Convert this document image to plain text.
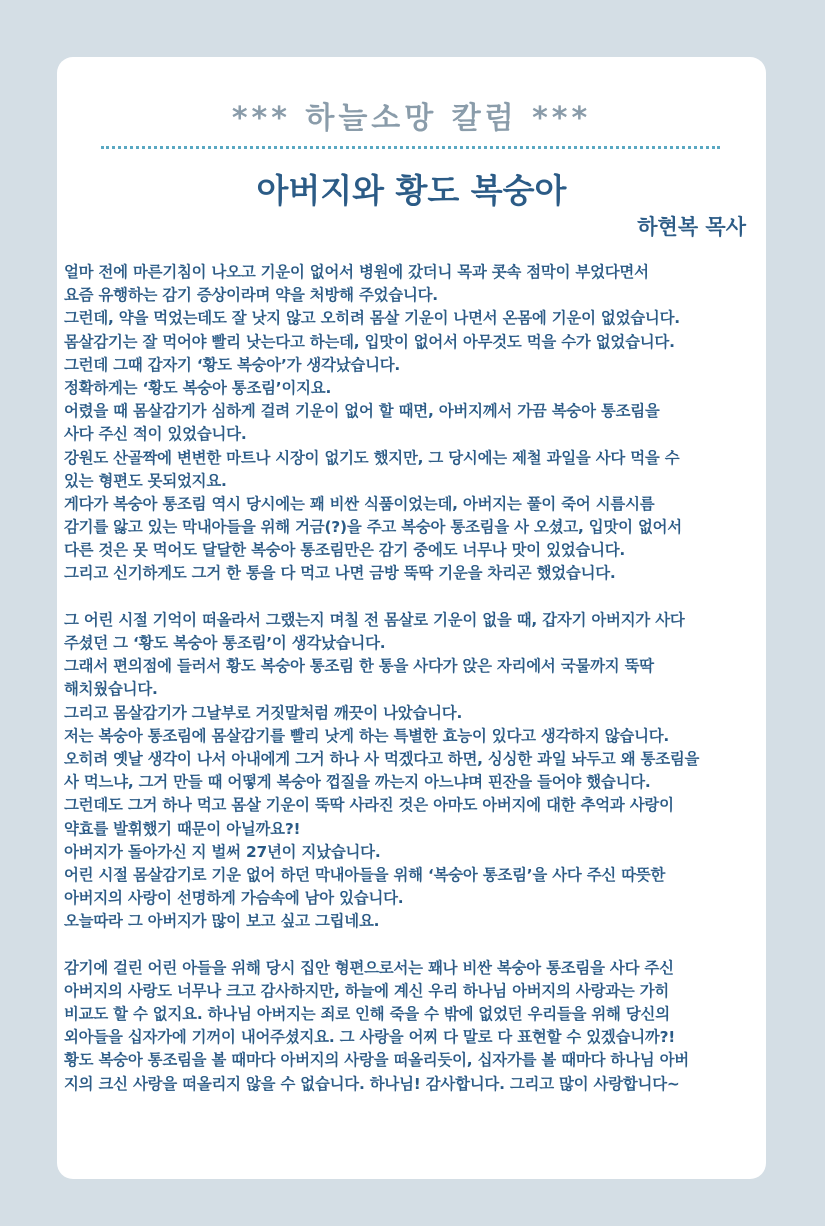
*** 하늘소망 칼럼 ***
아버지와 황도 복숭아
하현복 목사
얼마 전에 마른기침이 나오고 기운이 없어서 병원에 갔더니 목과 콧속 점막이 부었다면서
요즘 유행하는 감기 증상이라며 약을 처방해 주었습니다.
그런데, 약을 먹었는데도 잘 낫지 않고 오히려 몸살 기운이 나면서 온몸에 기운이 없었습니다.
몸살감기는 잘 먹어야 빨리 낫는다고 하는데, 입맛이 없어서 아무것도 먹을 수가 없었습니다.
그런데 그때 갑자기 ‘황도 복숭아’가 생각났습니다.
정확하게는 ‘황도 복숭아 통조림’이지요.
어렸을 때 몸살감기가 심하게 걸려 기운이 없어 할 때면, 아버지께서 가끔 복숭아 통조림을
사다 주신 적이 있었습니다.
강원도 산골짝에 변변한 마트나 시장이 없기도 했지만, 그 당시에는 제철 과일을 사다 먹을 수
있는 형편도 못되었지요.
게다가 복숭아 통조림 역시 당시에는 꽤 비싼 식품이었는데, 아버지는 풀이 죽어 시름시름
감기를 앓고 있는 막내아들을 위해 거금(?)을 주고 복숭아 통조림을 사 오셨고, 입맛이 없어서
다른 것은 못 먹어도 달달한 복숭아 통조림만은 감기 중에도 너무나 맛이 있었습니다.
그리고 신기하게도 그거 한 통을 다 먹고 나면 금방 뚝딱 기운을 차리곤 했었습니다.
그 어린 시절 기억이 떠올라서 그랬는지 며칠 전 몸살로 기운이 없을 때, 갑자기 아버지가 사다
주셨던 그 ‘황도 복숭아 통조림’이 생각났습니다.
그래서 편의점에 들러서 황도 복숭아 통조림 한 통을 사다가 앉은 자리에서 국물까지 뚝딱
해치웠습니다.
그리고 몸살감기가 그날부로 거짓말처럼 깨끗이 나았습니다.
저는 복숭아 통조림에 몸살감기를 빨리 낫게 하는 특별한 효능이 있다고 생각하지 않습니다.
오히려 옛날 생각이 나서 아내에게 그거 하나 사 먹겠다고 하면, 싱싱한 과일 놔두고 왜 통조림을
사 먹느냐, 그거 만들 때 어떻게 복숭아 껍질을 까는지 아느냐며 핀잔을 들어야 했습니다.
그런데도 그거 하나 먹고 몸살 기운이 뚝딱 사라진 것은 아마도 아버지에 대한 추억과 사랑이
약효를 발휘했기 때문이 아닐까요?!
아버지가 돌아가신 지 벌써 27년이 지났습니다.
어린 시절 몸살감기로 기운 없어 하던 막내아들을 위해 ‘복숭아 통조림’을 사다 주신 따뜻한
아버지의 사랑이 선명하게 가슴속에 남아 있습니다.
오늘따라 그 아버지가 많이 보고 싶고 그립네요.
감기에 걸린 어린 아들을 위해 당시 집안 형편으로서는 꽤나 비싼 복숭아 통조림을 사다 주신
아버지의 사랑도 너무나 크고 감사하지만, 하늘에 계신 우리 하나님 아버지의 사랑과는 가히
비교도 할 수 없지요. 하나님 아버지는 죄로 인해 죽을 수 밖에 없었던 우리들을 위해 당신의
외아들을 십자가에 기꺼이 내어주셨지요. 그 사랑을 어찌 다 말로 다 표현할 수 있겠습니까?!
황도 복숭아 통조림을 볼 때마다 아버지의 사랑을 떠올리듯이, 십자가를 볼 때마다 하나님 아버
지의 크신 사랑을 떠올리지 않을 수 없습니다. 하나님! 감사합니다. 그리고 많이 사랑합니다~
